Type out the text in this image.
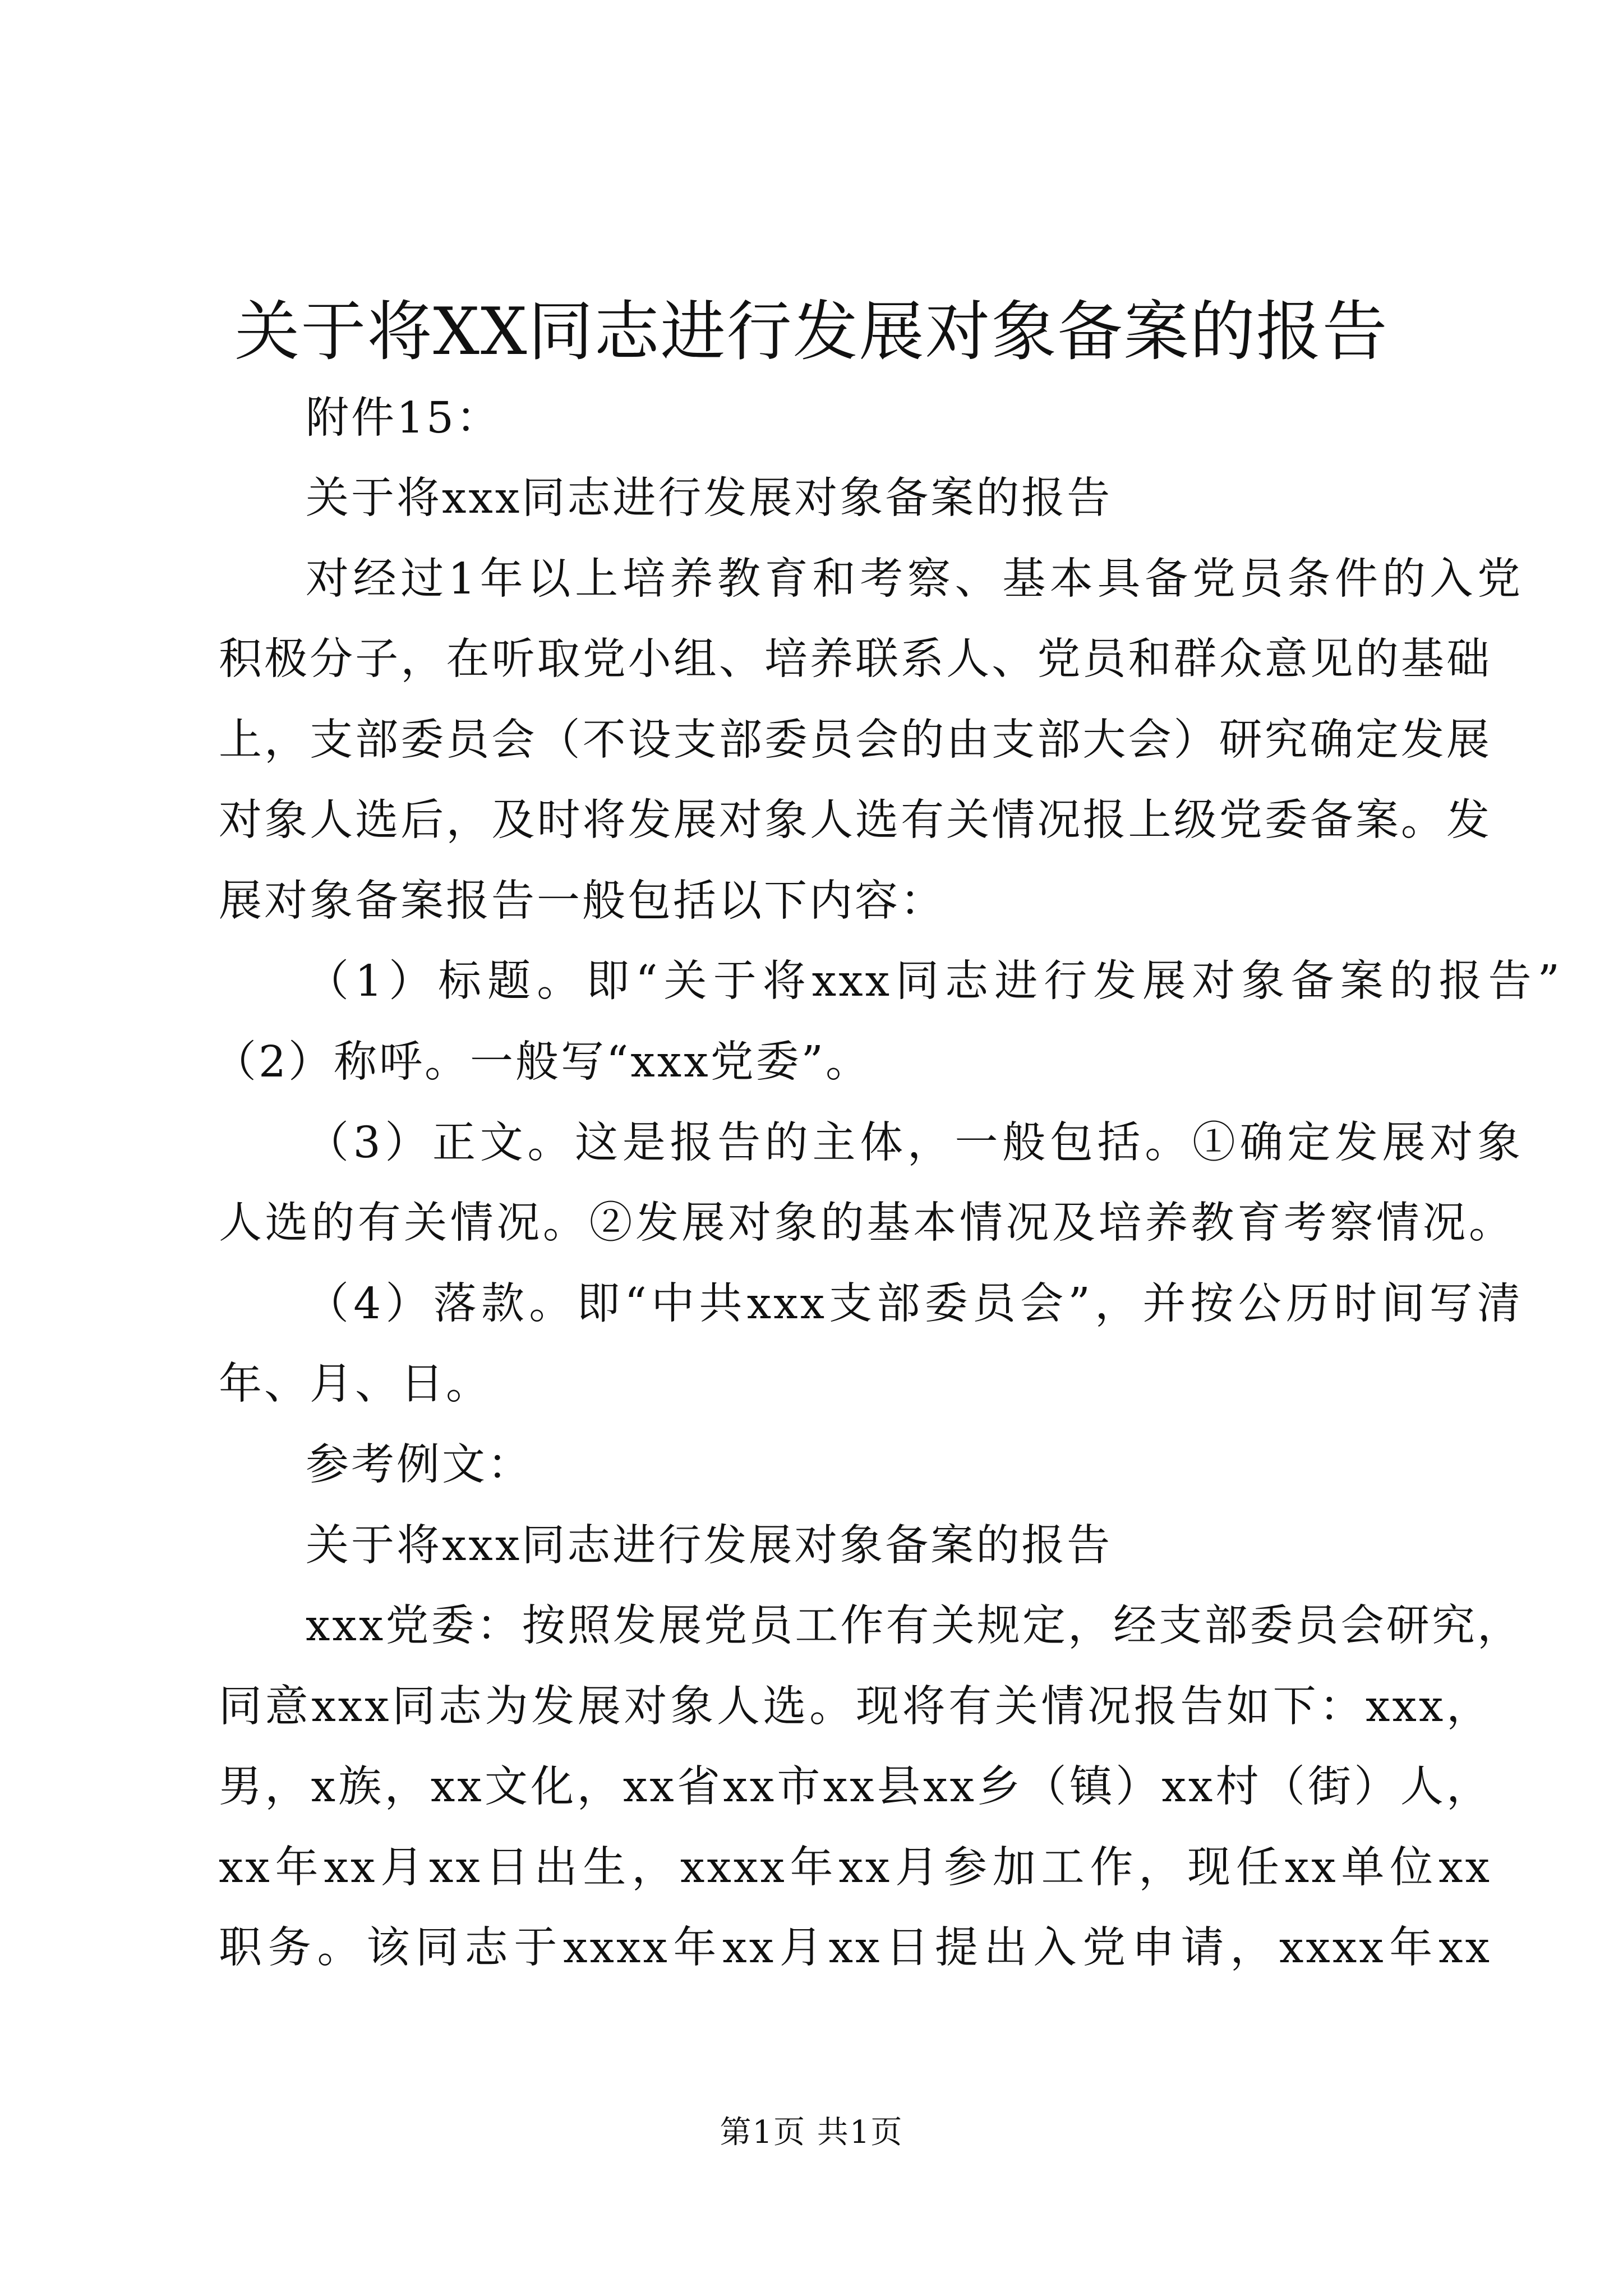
关于将XX同志进行发展对象备案的报告

附件15：

关于将xxx同志进行发展对象备案的报告

对经过1年以上培养教育和考察、基本具备党员条件的入党

积极分子，在听取党小组、培养联系人、党员和群众意见的基础

上，支部委员会（不设支部委员会的由支部大会）研究确定发展

对象人选后，及时将发展对象人选有关情况报上级党委备案。发

展对象备案报告一般包括以下内容：

（1）标题。即“关于将xxx同志进行发展对象备案的报告”

（2）称呼。一般写“xxx党委”。

（3）正文。这是报告的主体，一般包括。①确定发展对象

人选的有关情况。②发展对象的基本情况及培养教育考察情况。

（4）落款。即“中共xxx支部委员会”，并按公历时间写清

年、月、日。

参考例文：

关于将xxx同志进行发展对象备案的报告

xxx党委：按照发展党员工作有关规定，经支部委员会研究，

同意xxx同志为发展对象人选。现将有关情况报告如下：xxx，

男，x族，xx文化，xx省xx市xx县xx乡（镇）xx村（街）人，

xx年xx月xx日出生，xxxx年xx月参加工作，现任xx单位xx

职务。该同志于xxxx年xx月xx日提出入党申请，xxxx年xx

第1页 共1页
